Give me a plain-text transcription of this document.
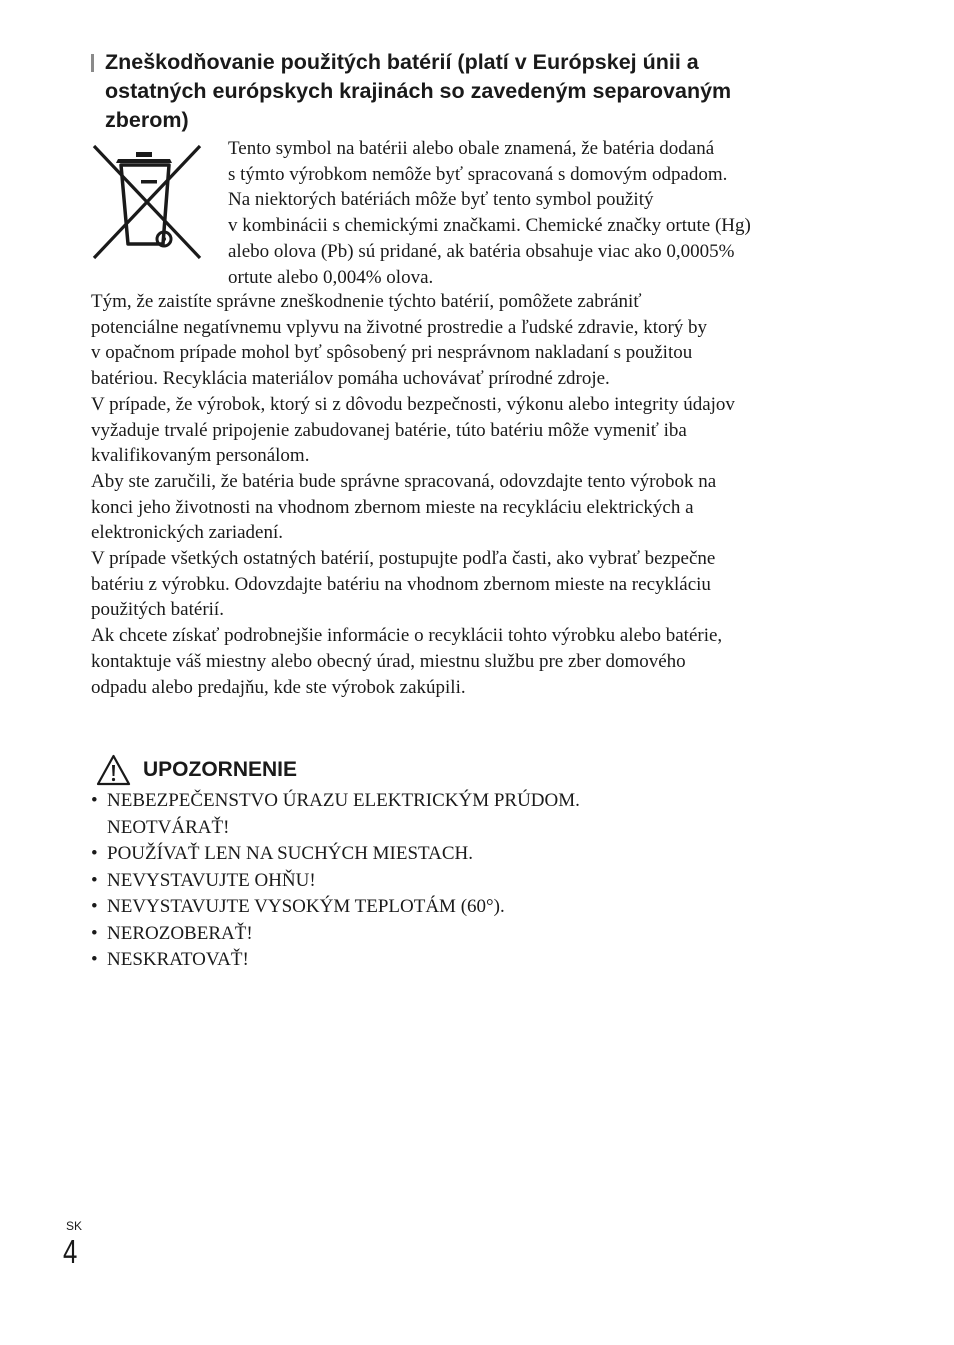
Zneškodňovanie použitých batérií (platí v Európskej únii a
ostatných európskych krajinách so zavedeným separovaným
zberom)
Tento symbol na batérii alebo obale znamená, že batéria dodaná
s týmto výrobkom nemôže byť spracovaná s domovým odpadom.
Na niektorých batériách môže byť tento symbol použitý
v kombinácii s chemickými značkami. Chemické značky ortute (Hg)
alebo olova (Pb) sú pridané, ak batéria obsahuje viac ako 0,0005%
ortute alebo 0,004% olova.
Tým, že zaistíte správne zneškodnenie týchto batérií, pomôžete zabrániť
potenciálne negatívnemu vplyvu na životné prostredie a ľudské zdravie, ktorý by
v opačnom prípade mohol byť spôsobený pri nesprávnom nakladaní s použitou
batériou. Recyklácia materiálov pomáha uchovávať prírodné zdroje.
V prípade, že výrobok, ktorý si z dôvodu bezpečnosti, výkonu alebo integrity údajov
vyžaduje trvalé pripojenie zabudovanej batérie, túto batériu môže vymeniť iba
kvalifikovaným personálom.
Aby ste zaručili, že batéria bude správne spracovaná, odovzdajte tento výrobok na
konci jeho životnosti na vhodnom zbernom mieste na recykláciu elektrických a
elektronických zariadení.
V prípade všetkých ostatných batérií, postupujte podľa časti, ako vybrať bezpečne
batériu z výrobku. Odovzdajte batériu na vhodnom zbernom mieste na recykláciu
použitých batérií.
Ak chcete získať podrobnejšie informácie o recyklácii tohto výrobku alebo batérie,
kontaktuje váš miestny alebo obecný úrad, miestnu službu pre zber domového
odpadu alebo predajňu, kde ste výrobok zakúpili.
UPOZORNENIE
• NEBEZPEČENSTVO ÚRAZU ELEKTRICKÝM PRÚDOM.
NEOTVÁRAŤ!
• POUŽÍVAŤ LEN NA SUCHÝCH MIESTACH.
• NEVYSTAVUJTE OHŇU!
• NEVYSTAVUJTE VYSOKÝM TEPLOTÁM (60°).
• NEROZOBERAŤ!
• NESKRATOVAŤ!
SK
4
